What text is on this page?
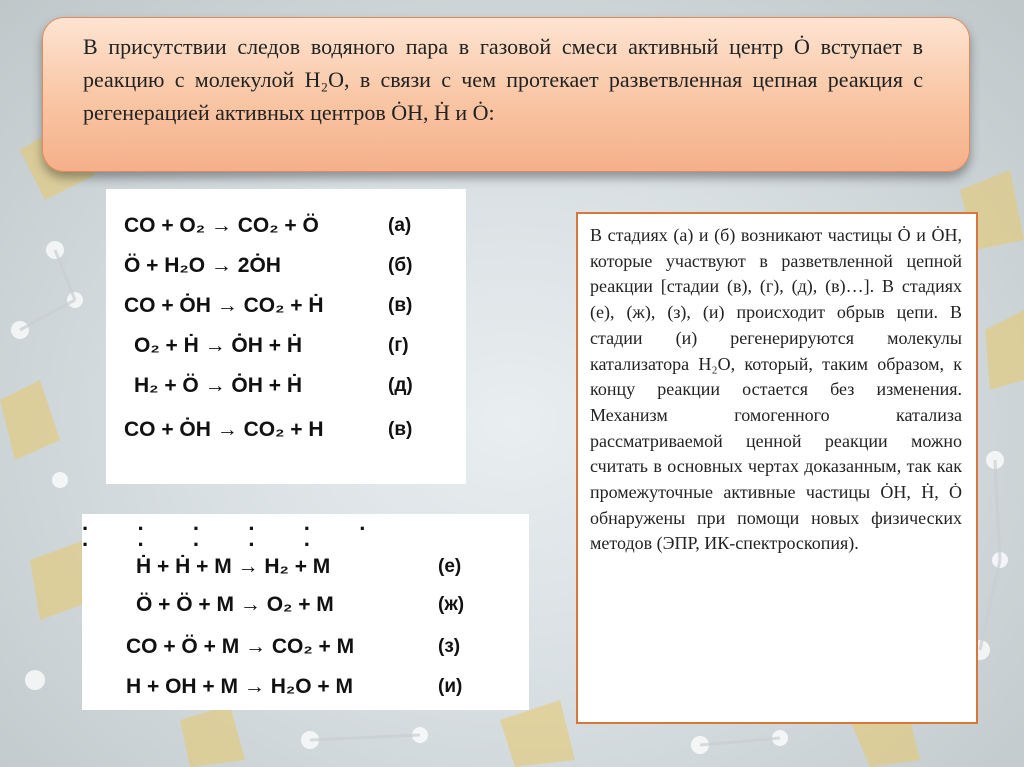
В присутствии следов водяного пара в газовой смеси активный центр Ȯ вступает в реакцию с молекулой H₂O, в связи с чем протекает разветвленная цепная реакция с регенерацией активных центров ȮH, Ḣ и Ȯ:

CO + O₂ → CO₂ + Ö	(а)
Ö + H₂O → 2ȮH	(б)
CO + ȮH → CO₂ + Ḣ	(в)
O₂ + Ḣ → ȮH + Ḣ	(г)
H₂ + Ö → ȮH + Ḣ	(д)
CO + ȮH → CO₂ + H	(в)
Ḣ + Ḣ + M → H₂ + M	(е)
Ö + Ö + M → O₂ + M	(ж)
CO + Ö + M → CO₂ + M	(з)
H + OH + M → H₂O + M	(и)
· · · · · · · · · · ·

В стадиях (а) и (б) возникают частицы Ȯ и ȮH, которые участвуют в разветвленной цепной реакции [стадии (в), (г), (д), (в)…]. В стадиях (е), (ж), (з), (и) происходит обрыв цепи. В стадии (и) регенерируются молекулы катализатора H₂O, который, таким образом, к концу реакции остается без изменения. Механизм гомогенного катализа рассматриваемой ценной реакции можно считать в основных чертах доказанным, так как промежуточные активные частицы ȮH, Ḣ, Ȯ обнаружены при помощи новых физических методов (ЭПР, ИК-спектроскопия).
